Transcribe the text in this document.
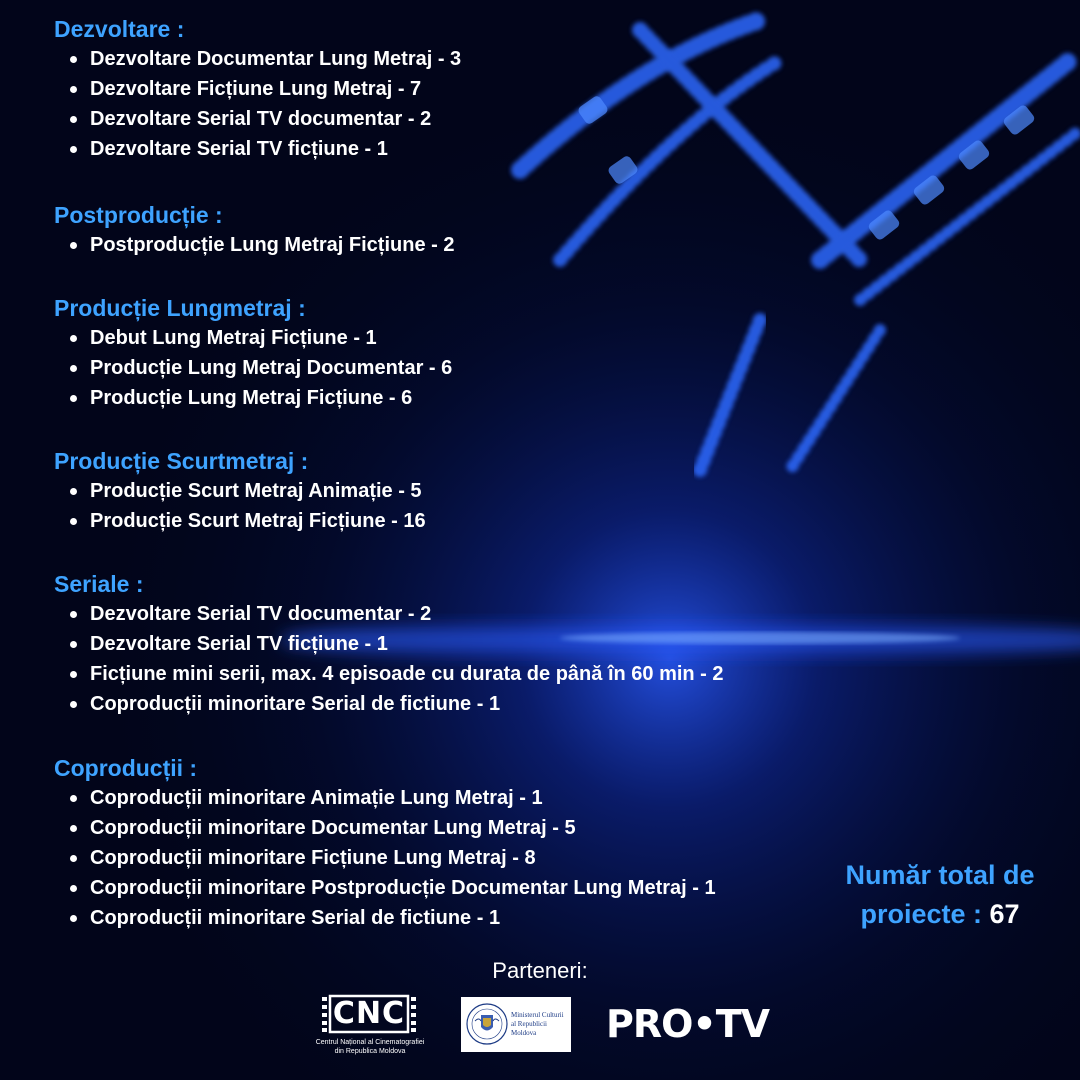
Dezvoltare :
Dezvoltare Documentar Lung Metraj - 3
Dezvoltare Ficțiune Lung Metraj - 7
Dezvoltare Serial TV documentar - 2
Dezvoltare Serial TV ficțiune - 1
Postproducție :
Postproducție Lung Metraj Ficțiune - 2
Producție Lungmetraj :
Debut Lung Metraj Ficțiune - 1
Producție Lung Metraj Documentar - 6
Producție Lung Metraj Ficțiune - 6
Producție Scurtmetraj :
Producție Scurt Metraj Animație - 5
Producție Scurt Metraj Ficțiune - 16
Seriale :
Dezvoltare Serial TV documentar - 2
Dezvoltare Serial TV ficțiune - 1
Ficțiune mini serii, max. 4 episoade cu durata de până în 60 min - 2
Coproducții minoritare Serial de fictiune - 1
Coproducții :
Coproducții minoritare Animație Lung Metraj - 1
Coproducții minoritare Documentar Lung Metraj - 5
Coproducții minoritare Ficțiune Lung Metraj - 8
Coproducții minoritare Postproducție Documentar Lung Metraj - 1
Coproducții minoritare Serial de fictiune - 1
Număr total de
proiecte : 67
Parteneri:
CNC
Centrul Național al Cinematografiei
din Republica Moldova
Ministerul Culturii
al Republicii Moldova	PRO•TV
